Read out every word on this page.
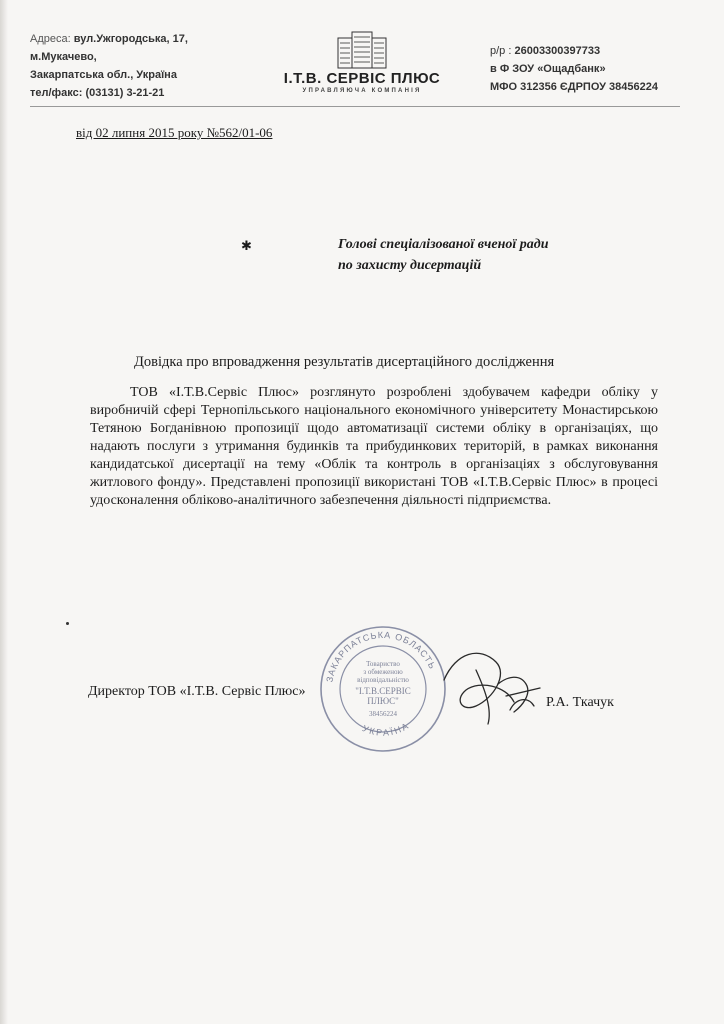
Адреса: вул.Ужгородська, 17,
м.Мукачево,
Закарпатська обл., Україна
тел/факс: (03131) 3-21-21
І.Т.В. СЕРВІС ПЛЮС
УПРАВЛЯЮЧА КОМПАНІЯ
р/р : 26003300397733
в Ф ЗОУ «Ощадбанк»
МФО 312356 ЄДРПОУ 38456224
від 02 липня 2015 року №562/01-06
✱	Голові спеціалізованої вченої ради
по захисту дисертацій
Довідка про впровадження результатів дисертаційного дослідження
ТОВ «І.Т.В.Сервіс Плюс» розглянуто розроблені здобувачем кафедри обліку у виробничій сфері Тернопільського національного економічного університету Монастирською Тетяною Богданівною пропозиції щодо автоматизації системи обліку в організаціях, що надають послуги з утримання будинків та прибудинкових територій, в рамках виконання кандидатської дисертації на тему «Облік та контроль в організаціях з обслуговування житлового фонду». Представлені пропозиції використані ТОВ «І.Т.В.Сервіс Плюс» в процесі удосконалення обліково-аналітичного забезпечення діяльності підприємства.
Директор ТОВ «І.Т.В. Сервіс Плюс»
ЗАКАРПАТСЬКА ОБЛАСТЬ
УКРАЇНА
Товариство
з обмеженою
відповідальністю
"І.Т.В.СЕРВІС
ПЛЮС"
38456224
Р.А. Ткачук
